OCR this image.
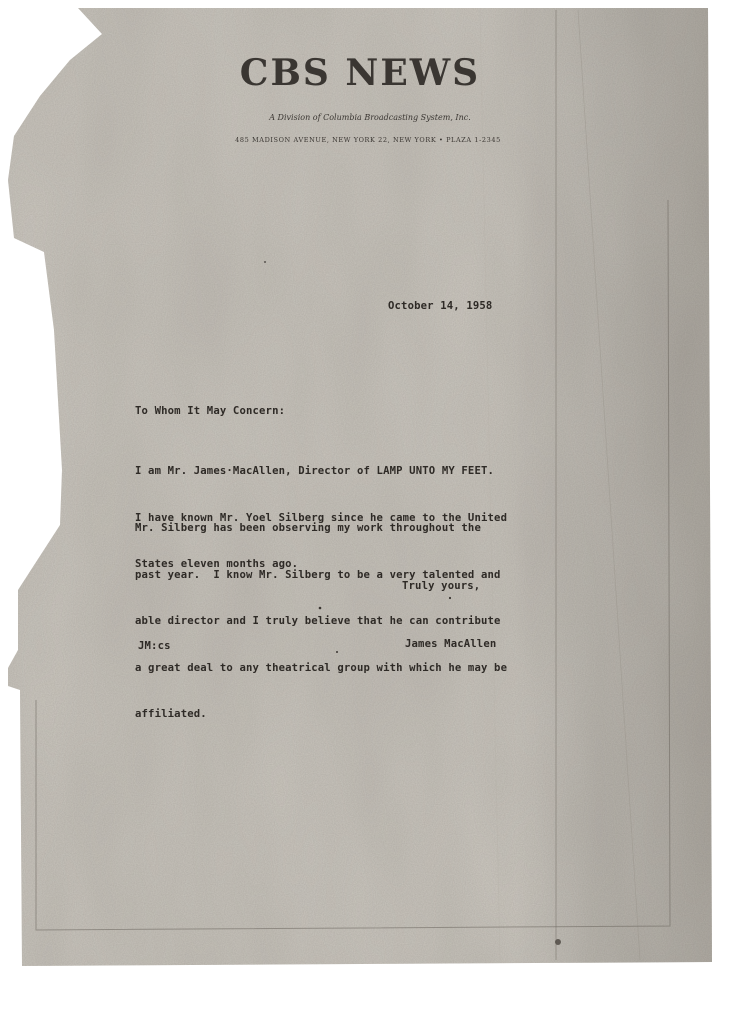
CBS NEWS
A Division of Columbia Broadcasting System, Inc.
485 MADISON AVENUE, NEW YORK 22, NEW YORK • PLAZA 1-2345
October 14, 1958
To Whom It May Concern:

I am Mr. James·MacAllen, Director of LAMP UNTO MY FEET.

I have known Mr. Yoel Silberg since he came to the United

States eleven months ago.

Mr. Silberg has been observing my work throughout the

past year.  I know Mr. Silberg to be a very talented and

able director and I truly believe that he can contribute

a great deal to any theatrical group with which he may be

affiliated.

Truly yours,
JM:cs	James MacAllen
